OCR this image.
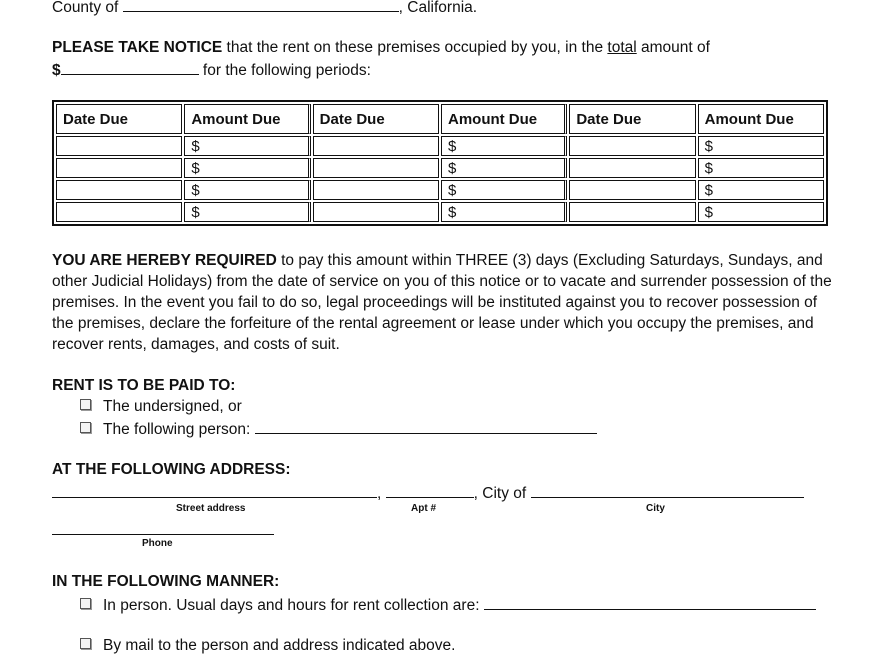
County of	, California.
PLEASE TAKE NOTICE that the rent on these premises occupied by you, in the total amount of
$	for the following periods:
Date Due	Amount Due	Date Due	Amount Due	Date Due	Amount Due
	$		$		$
	$		$		$
	$		$		$
	$		$		$

YOU ARE HEREBY REQUIRED to pay this amount within THREE (3) days (Excluding Saturdays, Sundays, and other Judicial Holidays) from the date of service on you of this notice or to vacate and surrender possession of the premises. In the event you fail to do so, legal proceedings will be instituted against you to recover possession of the premises, declare the forfeiture of the rental agreement or lease under which you occupy the premises, and recover rents, damages, and costs of suit.

RENT IS TO BE PAID TO:
The undersigned, or
The following person:
AT THE FOLLOWING ADDRESS:
,	, City of
Street address	Apt #	City
Phone
IN THE FOLLOWING MANNER:
In person. Usual days and hours for rent collection are:
By mail to the person and address indicated above.
